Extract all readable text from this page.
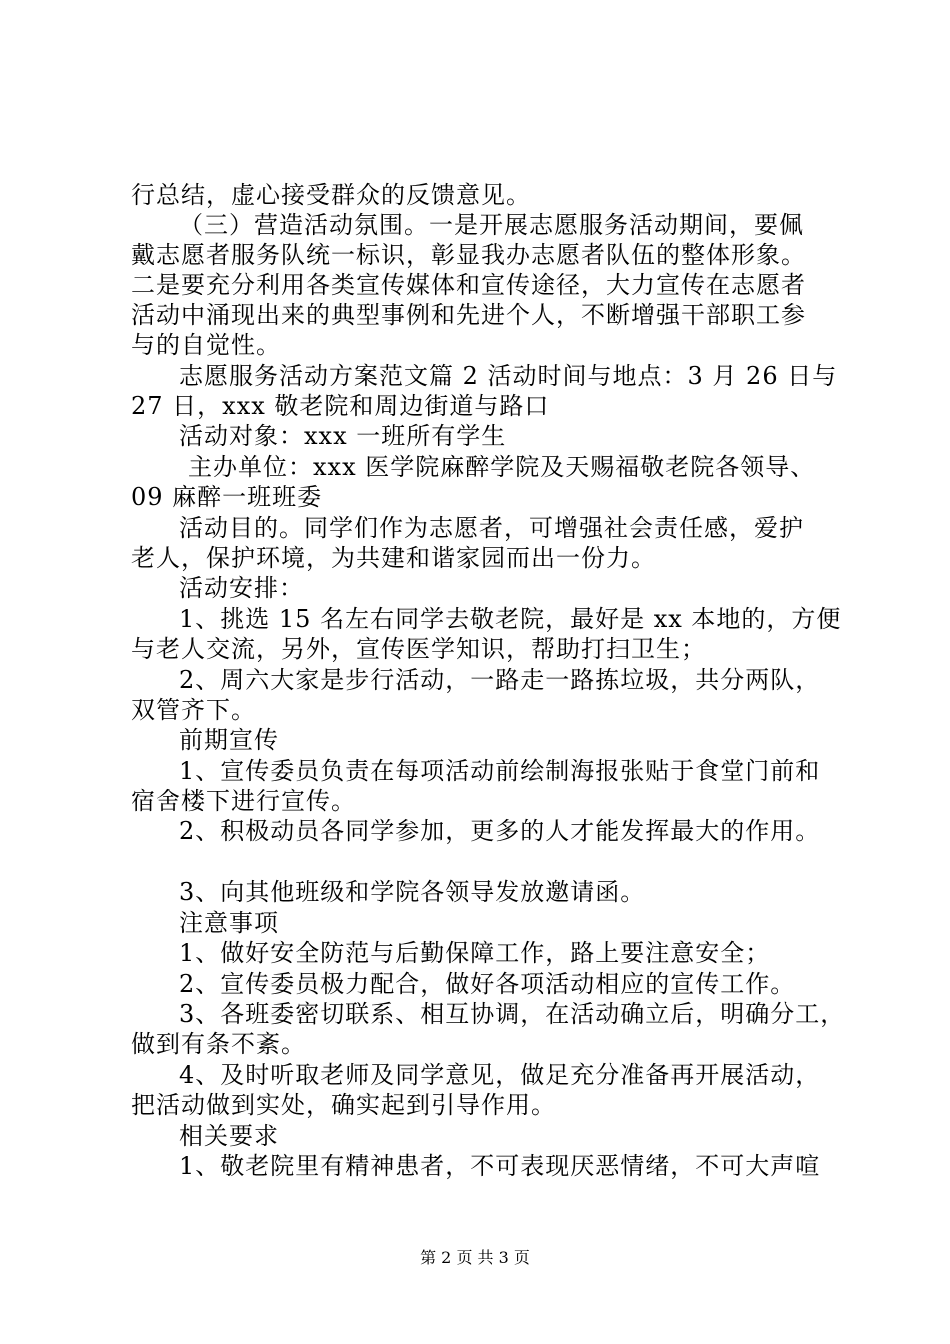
行总结，虚心接受群众的反馈意见。
（三）营造活动氛围。一是开展志愿服务活动期间，要佩
戴志愿者服务队统一标识，彰显我办志愿者队伍的整体形象。
二是要充分利用各类宣传媒体和宣传途径，大力宣传在志愿者
活动中涌现出来的典型事例和先进个人，不断增强干部职工参
与的自觉性。
志愿服务活动方案范文篇 2 活动时间与地点：3 月 26 日与
27 日，xxx 敬老院和周边街道与路口
活动对象：xxx 一班所有学生
主办单位：xxx 医学院麻醉学院及天赐福敬老院各领导、
09 麻醉一班班委
活动目的。同学们作为志愿者，可增强社会责任感，爱护
老人，保护环境，为共建和谐家园而出一份力。
活动安排：
1、挑选 15 名左右同学去敬老院，最好是 xx 本地的，方便
与老人交流，另外，宣传医学知识，帮助打扫卫生；
2、周六大家是步行活动，一路走一路拣垃圾，共分两队，
双管齐下。
前期宣传
1、宣传委员负责在每项活动前绘制海报张贴于食堂门前和
宿舍楼下进行宣传。
2、积极动员各同学参加，更多的人才能发挥最大的作用。
3、向其他班级和学院各领导发放邀请函。
注意事项
1、做好安全防范与后勤保障工作，路上要注意安全；
2、宣传委员极力配合，做好各项活动相应的宣传工作。
3、各班委密切联系、相互协调，在活动确立后，明确分工，
做到有条不紊。
4、及时听取老师及同学意见，做足充分准备再开展活动，
把活动做到实处，确实起到引导作用。
相关要求
1、敬老院里有精神患者，不可表现厌恶情绪，不可大声喧
第 2 页 共 3 页
